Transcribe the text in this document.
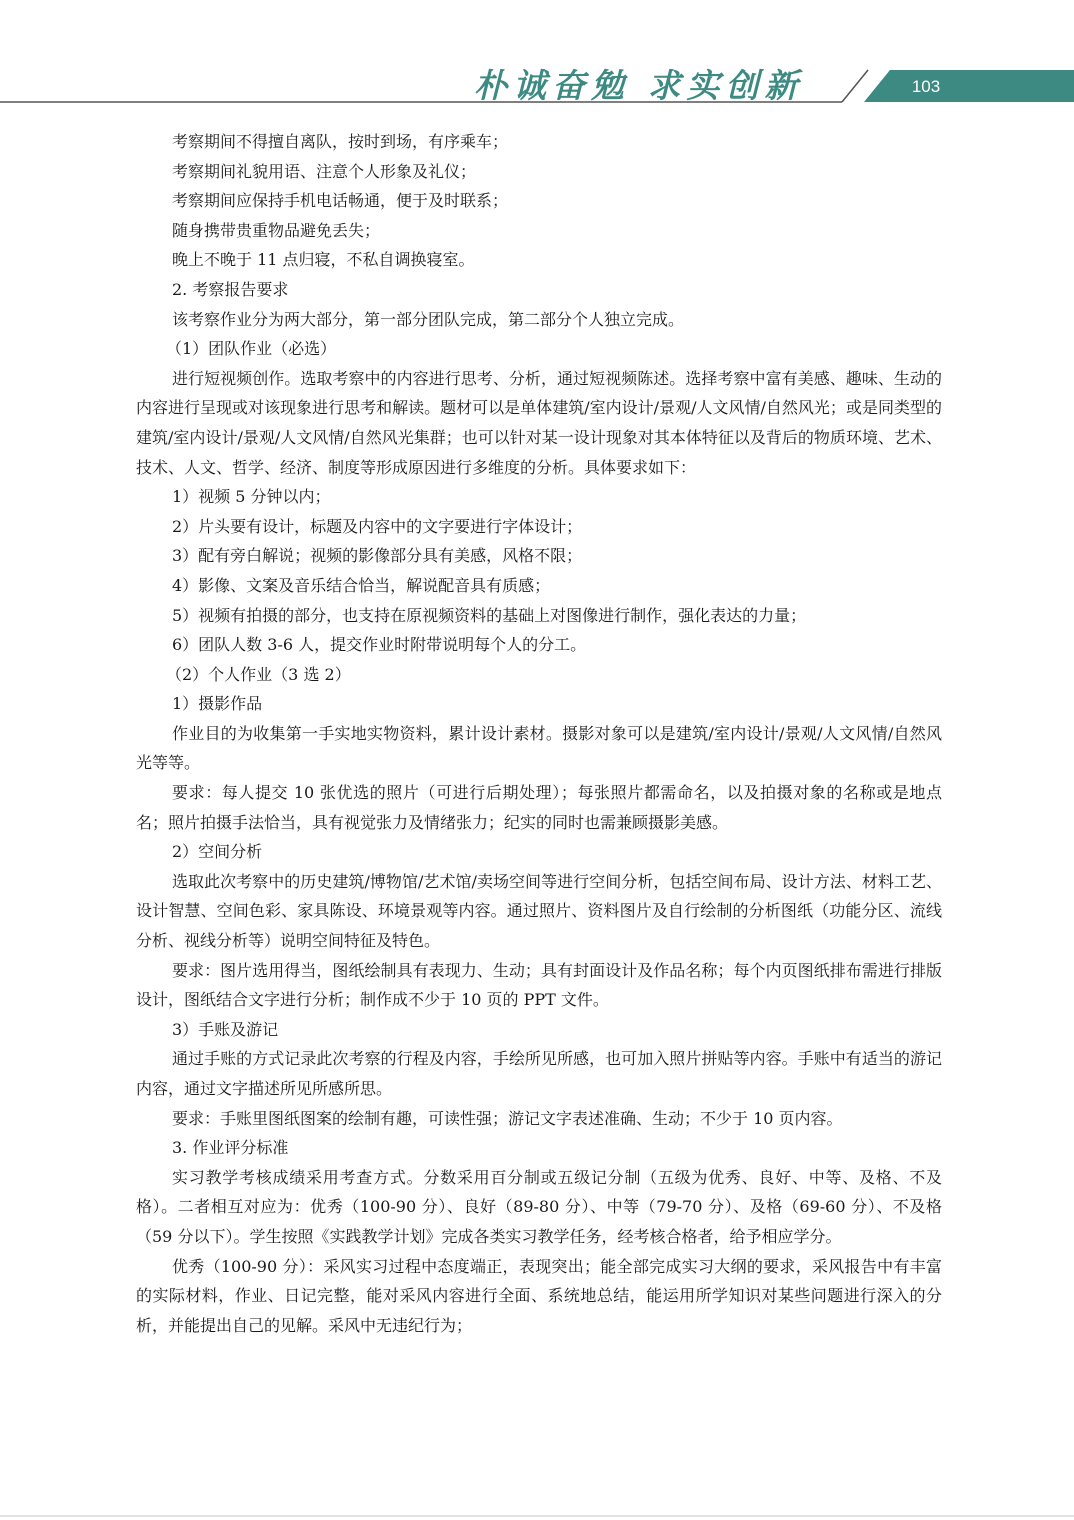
朴诚奋勉 求实创新	103

考察期间不得擅自离队，按时到场，有序乘车；

考察期间礼貌用语、注意个人形象及礼仪；

考察期间应保持手机电话畅通，便于及时联系；

随身携带贵重物品避免丢失；

晚上不晚于 11 点归寝，不私自调换寝室。

2. 考察报告要求

该考察作业分为两大部分，第一部分团队完成，第二部分个人独立完成。

（1）团队作业（必选）

进行短视频创作。选取考察中的内容进行思考、分析，通过短视频陈述。选择考察中富有美感、趣味、生动的内容进行呈现或对该现象进行思考和解读。题材可以是单体建筑/室内设计/景观/人文风情/自然风光；或是同类型的建筑/室内设计/景观/人文风情/自然风光集群；也可以针对某一设计现象对其本体特征以及背后的物质环境、艺术、技术、人文、哲学、经济、制度等形成原因进行多维度的分析。具体要求如下：

1）视频 5 分钟以内；

2）片头要有设计，标题及内容中的文字要进行字体设计；

3）配有旁白解说；视频的影像部分具有美感，风格不限；

4）影像、文案及音乐结合恰当，解说配音具有质感；

5）视频有拍摄的部分，也支持在原视频资料的基础上对图像进行制作，强化表达的力量；

6）团队人数 3-6 人，提交作业时附带说明每个人的分工。

（2）个人作业（3 选 2）

1）摄影作品

作业目的为收集第一手实地实物资料，累计设计素材。摄影对象可以是建筑/室内设计/景观/人文风情/自然风光等等。

要求：每人提交 10 张优选的照片（可进行后期处理）；每张照片都需命名，以及拍摄对象的名称或是地点名；照片拍摄手法恰当，具有视觉张力及情绪张力；纪实的同时也需兼顾摄影美感。

2）空间分析

选取此次考察中的历史建筑/博物馆/艺术馆/卖场空间等进行空间分析，包括空间布局、设计方法、材料工艺、设计智慧、空间色彩、家具陈设、环境景观等内容。通过照片、资料图片及自行绘制的分析图纸（功能分区、流线分析、视线分析等）说明空间特征及特色。

要求：图片选用得当，图纸绘制具有表现力、生动；具有封面设计及作品名称；每个内页图纸排布需进行排版设计，图纸结合文字进行分析；制作成不少于 10 页的 PPT 文件。

3）手账及游记

通过手账的方式记录此次考察的行程及内容，手绘所见所感，也可加入照片拼贴等内容。手账中有适当的游记内容，通过文字描述所见所感所思。

要求：手账里图纸图案的绘制有趣，可读性强；游记文字表述准确、生动；不少于 10 页内容。

3. 作业评分标准

实习教学考核成绩采用考查方式。分数采用百分制或五级记分制（五级为优秀、良好、中等、及格、不及格）。二者相互对应为：优秀（100-90 分）、良好（89-80 分）、中等（79-70 分）、及格（69-60 分）、不及格（59 分以下）。学生按照《实践教学计划》完成各类实习教学任务，经考核合格者，给予相应学分。

优秀（100-90 分）：采风实习过程中态度端正，表现突出；能全部完成实习大纲的要求，采风报告中有丰富的实际材料，作业、日记完整，能对采风内容进行全面、系统地总结，能运用所学知识对某些问题进行深入的分析，并能提出自己的见解。采风中无违纪行为；
